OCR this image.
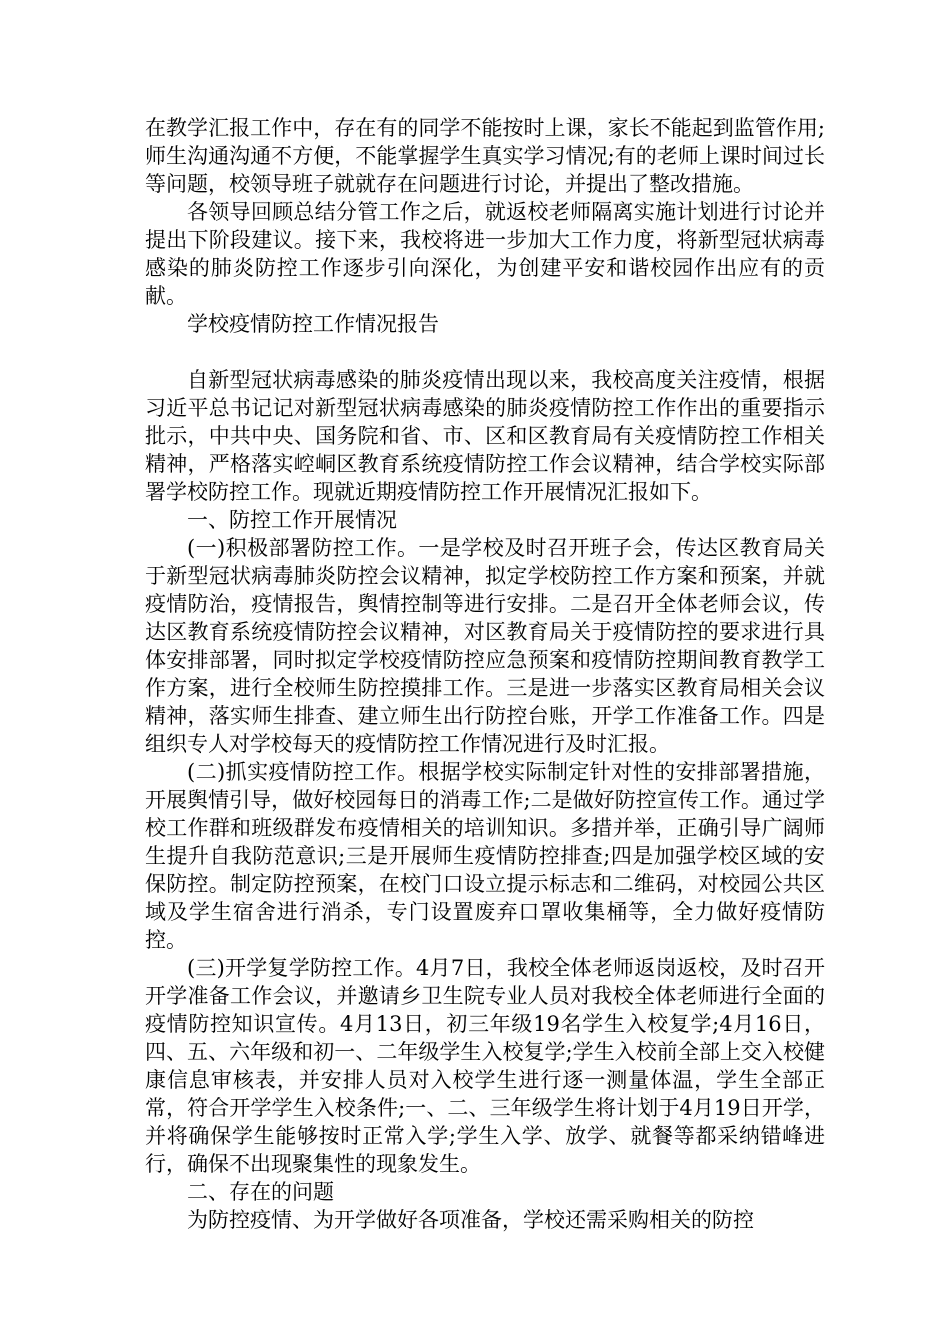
在教学汇报工作中，存在有的同学不能按时上课，家长不能起到监管作用;师生沟通沟通不方便，不能掌握学生真实学习情况;有的老师上课时间过长等问题，校领导班子就就存在问题进行讨论，并提出了整改措施。

各领导回顾总结分管工作之后，就返校老师隔离实施计划进行讨论并提出下阶段建议。接下来，我校将进一步加大工作力度，将新型冠状病毒感染的肺炎防控工作逐步引向深化，为创建平安和谐校园作出应有的贡献。

学校疫情防控工作情况报告

自新型冠状病毒感染的肺炎疫情出现以来，我校高度关注疫情，根据习近平总书记记对新型冠状病毒感染的肺炎疫情防控工作作出的重要指示批示，中共中央、国务院和省、市、区和区教育局有关疫情防控工作相关精神，严格落实崆峒区教育系统疫情防控工作会议精神，结合学校实际部署学校防控工作。现就近期疫情防控工作开展情况汇报如下。

一、防控工作开展情况

(一)积极部署防控工作。一是学校及时召开班子会，传达区教育局关于新型冠状病毒肺炎防控会议精神，拟定学校防控工作方案和预案，并就疫情防治，疫情报告，舆情控制等进行安排。二是召开全体老师会议，传达区教育系统疫情防控会议精神，对区教育局关于疫情防控的要求进行具体安排部署，同时拟定学校疫情防控应急预案和疫情防控期间教育教学工作方案，进行全校师生防控摸排工作。三是进一步落实区教育局相关会议精神，落实师生排查、建立师生出行防控台账，开学工作准备工作。四是组织专人对学校每天的疫情防控工作情况进行及时汇报。

(二)抓实疫情防控工作。根据学校实际制定针对性的安排部署措施，开展舆情引导，做好校园每日的消毒工作;二是做好防控宣传工作。通过学校工作群和班级群发布疫情相关的培训知识。多措并举，正确引导广阔师生提升自我防范意识;三是开展师生疫情防控排查;四是加强学校区域的安保防控。制定防控预案，在校门口设立提示标志和二维码，对校园公共区域及学生宿舍进行消杀，专门设置废弃口罩收集桶等，全力做好疫情防控。

(三)开学复学防控工作。4月7日，我校全体老师返岗返校，及时召开开学准备工作会议，并邀请乡卫生院专业人员对我校全体老师进行全面的疫情防控知识宣传。4月13日，初三年级19名学生入校复学;4月16日，四、五、六年级和初一、二年级学生入校复学;学生入校前全部上交入校健康信息审核表，并安排人员对入校学生进行逐一测量体温，学生全部正常，符合开学学生入校条件;一、二、三年级学生将计划于4月19日开学，并将确保学生能够按时正常入学;学生入学、放学、就餐等都采纳错峰进行，确保不出现聚集性的现象发生。

二、存在的问题

为防控疫情、为开学做好各项准备，学校还需采购相关的防控
